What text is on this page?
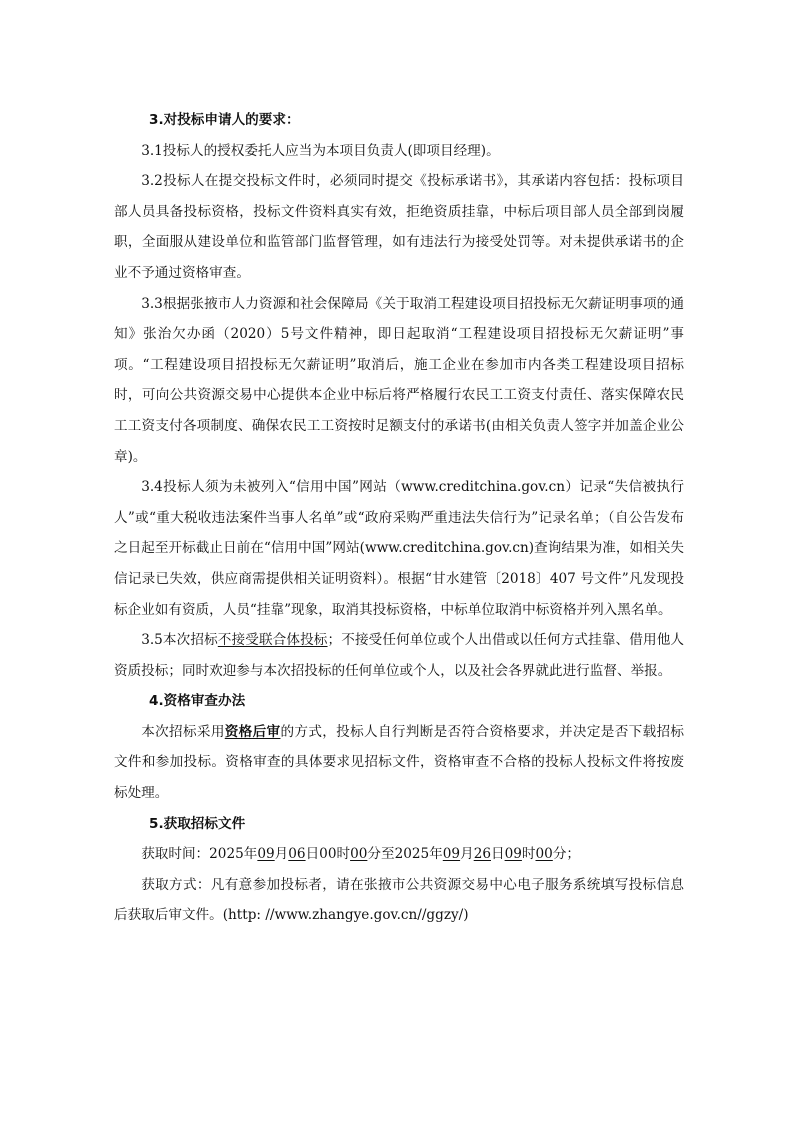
3.对投标申请人的要求：

3.1投标人的授权委托人应当为本项目负责人(即项目经理)。

3.2投标人在提交投标文件时，必须同时提交《投标承诺书》，其承诺内容包括：投标项目部人员具备投标资格，投标文件资料真实有效，拒绝资质挂靠，中标后项目部人员全部到岗履职，全面服从建设单位和监管部门监督管理，如有违法行为接受处罚等。对未提供承诺书的企业不予通过资格审查。

3.3根据张掖市人力资源和社会保障局《关于取消工程建设项目招投标无欠薪证明事项的通知》张治欠办函（2020）5号文件精神，即日起取消“工程建设项目招投标无欠薪证明”事项。“工程建设项目招投标无欠薪证明”取消后，施工企业在参加市内各类工程建设项目招标时，可向公共资源交易中心提供本企业中标后将严格履行农民工工资支付责任、落实保障农民工工资支付各项制度、确保农民工工资按时足额支付的承诺书(由相关负责人签字并加盖企业公章)。

3.4投标人须为未被列入“信用中国”网站（www.creditchina.gov.cn）记录“失信被执行人”或“重大税收违法案件当事人名单”或“政府采购严重违法失信行为”记录名单；（自公告发布之日起至开标截止日前在“信用中国”网站(www.creditchina.gov.cn)查询结果为准，如相关失信记录已失效，供应商需提供相关证明资料）。根据“甘水建管〔2018〕407 号文件”凡发现投标企业如有资质，人员“挂靠”现象，取消其投标资格，中标单位取消中标资格并列入黑名单。

3.5本次招标不接受联合体投标；不接受任何单位或个人出借或以任何方式挂靠、借用他人资质投标；同时欢迎参与本次招投标的任何单位或个人，以及社会各界就此进行监督、举报。

4.资格审查办法

本次招标采用资格后审的方式，投标人自行判断是否符合资格要求，并决定是否下载招标文件和参加投标。资格审查的具体要求见招标文件，资格审查不合格的投标人投标文件将按废标处理。

5.获取招标文件

获取时间：2025年09月06日00时00分至2025年09月26日09时00分；

获取方式：凡有意参加投标者，请在张掖市公共资源交易中心电子服务系统填写投标信息后获取后审文件。(http: //www.zhangye.gov.cn//ggzy/)
